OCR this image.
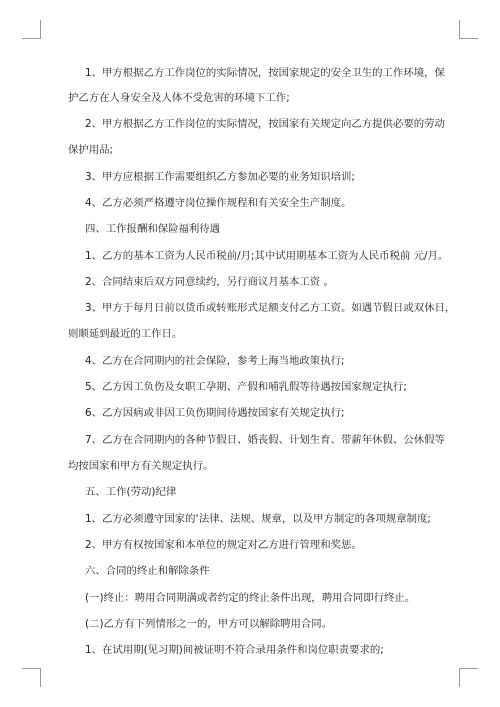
1、甲方根据乙方工作岗位的实际情况，按国家规定的安全卫生的工作环境，保
护乙方在人身安全及人体不受危害的环境下工作;
2、甲方根据乙方工作岗位的实际情况，按国家有关规定向乙方提供必要的劳动
保护用品;
3、甲方应根据工作需要组织乙方参加必要的业务知识培训;
4、乙方必须严格遵守岗位操作规程和有关安全生产制度。
四、工作报酬和保险福利待遇
1、乙方的基本工资为人民币税前/月;其中试用期基本工资为人民币税前 元/月。
2、合同结束后双方同意续约，另行商议月基本工资 。
3、甲方于每月日前以货币或转账形式足额支付乙方工资。如遇节假日或双休日，
则顺延到最近的工作日。
4、乙方在合同期内的社会保险，参考上海当地政策执行;
5、乙方因工负伤及女职工孕期、产假和哺乳假等待遇按国家规定执行;
6、乙方因病或非因工负伤期间待遇按国家有关规定执行;
7、乙方在合同期内的各种节假日、婚丧假、计划生育、带薪年休假、公休假等
均按国家和甲方有关规定执行。
五、工作(劳动)纪律
1、乙方必须遵守国家的‘法律、法规、规章，以及甲方制定的各项规章制度;
2、甲方有权按国家和本单位的规定对乙方进行管理和奖惩。
六、合同的终止和解除条件
(一)终止：聘用合同期满或者约定的终止条件出现，聘用合同即行终止。
(二)乙方有下列情形之一的，甲方可以解除聘用合同。
1、在试用期(见习期)间被证明不符合录用条件和岗位职责要求的;
